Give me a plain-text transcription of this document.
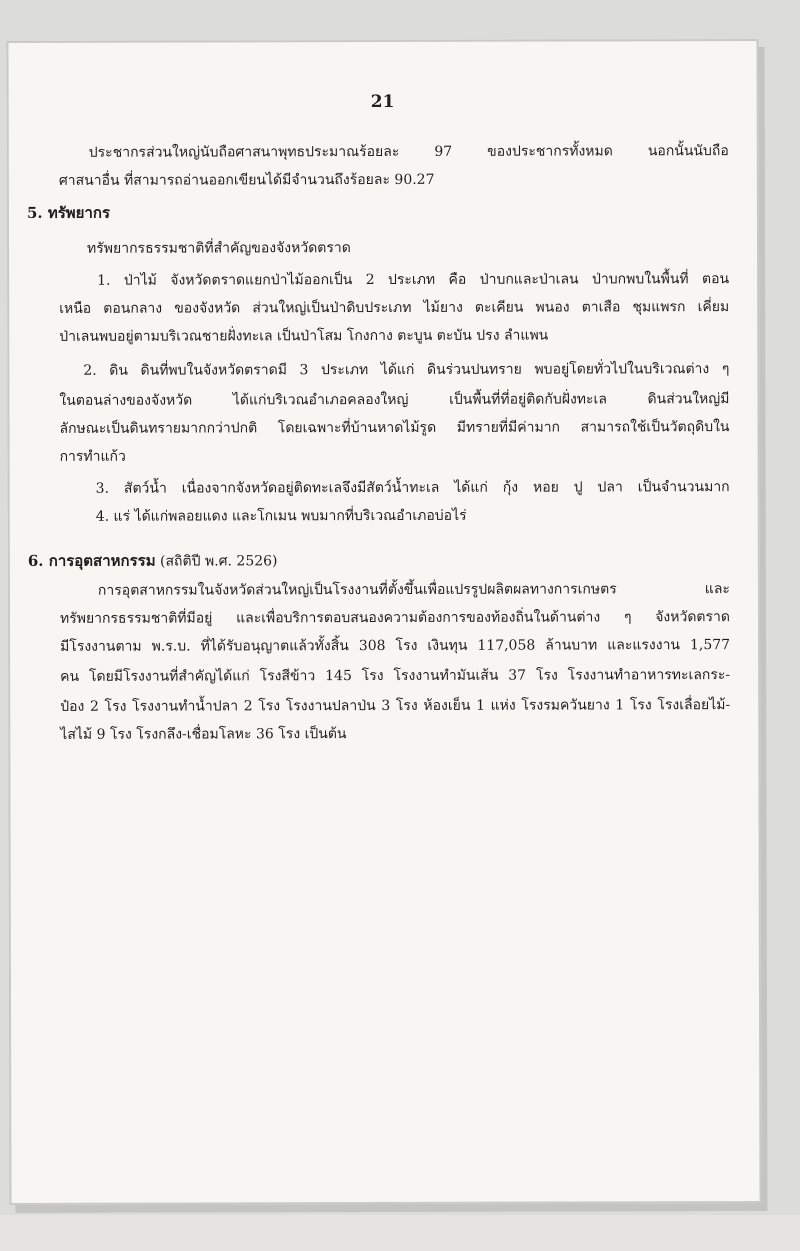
21
ประชากรส่วนใหญ่นับถือศาสนาพุทธประมาณร้อยละ 97 ของประชากรทั้งหมด นอกนั้นนับถือ
ศาสนาอื่น ที่สามารถอ่านออกเขียนได้มีจำนวนถึงร้อยละ 90.27
5. ทรัพยากร
ทรัพยากรธรรมชาติที่สำคัญของจังหวัดตราด
1. ป่าไม้ จังหวัดตราดแยกป่าไม้ออกเป็น 2 ประเภท คือ ป่าบกและป่าเลน ป่าบกพบในพื้นที่ ตอน
เหนือ ตอนกลาง ของจังหวัด ส่วนใหญ่เป็นป่าดิบประเภท ไม้ยาง ตะเคียน พนอง ตาเสือ ชุมแพรก เคี่ยม
ป่าเลนพบอยู่ตามบริเวณชายฝั่งทะเล เป็นป่าโสม โกงกาง ตะบูน ตะบัน ปรง ลำแพน
2. ดิน ดินที่พบในจังหวัดตราดมี 3 ประเภท ได้แก่ ดินร่วนปนทราย พบอยู่โดยทั่วไปในบริเวณต่าง ๆ
ในตอนล่างของจังหวัด ได้แก่บริเวณอำเภอคลองใหญ่ เป็นพื้นที่ที่อยู่ติดกับฝั่งทะเล ดินส่วนใหญ่มี
ลักษณะเป็นดินทรายมากกว่าปกติ โดยเฉพาะที่บ้านหาดไม้รูด มีทรายที่มีค่ามาก สามารถใช้เป็นวัตถุดิบใน
การทำแก้ว
3. สัตว์น้ำ เนื่องจากจังหวัดอยู่ติดทะเลจึงมีสัตว์น้ำทะเล ได้แก่ กุ้ง หอย ปู ปลา เป็นจำนวนมาก
4. แร่ ได้แก่พลอยแดง และโกเมน พบมากที่บริเวณอำเภอบ่อไร่
6. การอุตสาหกรรม (สถิติปี พ.ศ. 2526)
การอุตสาหกรรมในจังหวัดส่วนใหญ่เป็นโรงงานที่ตั้งขึ้นเพื่อแปรรูปผลิตผลทางการเกษตร และ
ทรัพยากรธรรมชาติที่มีอยู่ และเพื่อบริการตอบสนองความต้องการของท้องถิ่นในด้านต่าง ๆ จังหวัดตราด
มีโรงงานตาม พ.ร.บ. ที่ได้รับอนุญาตแล้วทั้งสิ้น 308 โรง เงินทุน 117,058 ล้านบาท และแรงงาน 1,577
คน โดยมีโรงงานที่สำคัญได้แก่ โรงสีข้าว 145 โรง โรงงานทำมันเส้น 37 โรง โรงงานทำอาหารทะเลกระ-
ป๋อง 2 โรง โรงงานทำน้ำปลา 2 โรง โรงงานปลาป่น 3 โรง ห้องเย็น 1 แห่ง โรงรมควันยาง 1 โรง โรงเลื่อยไม้-
ไสไม้ 9 โรง โรงกลึง-เชื่อมโลหะ 36 โรง เป็นต้น
